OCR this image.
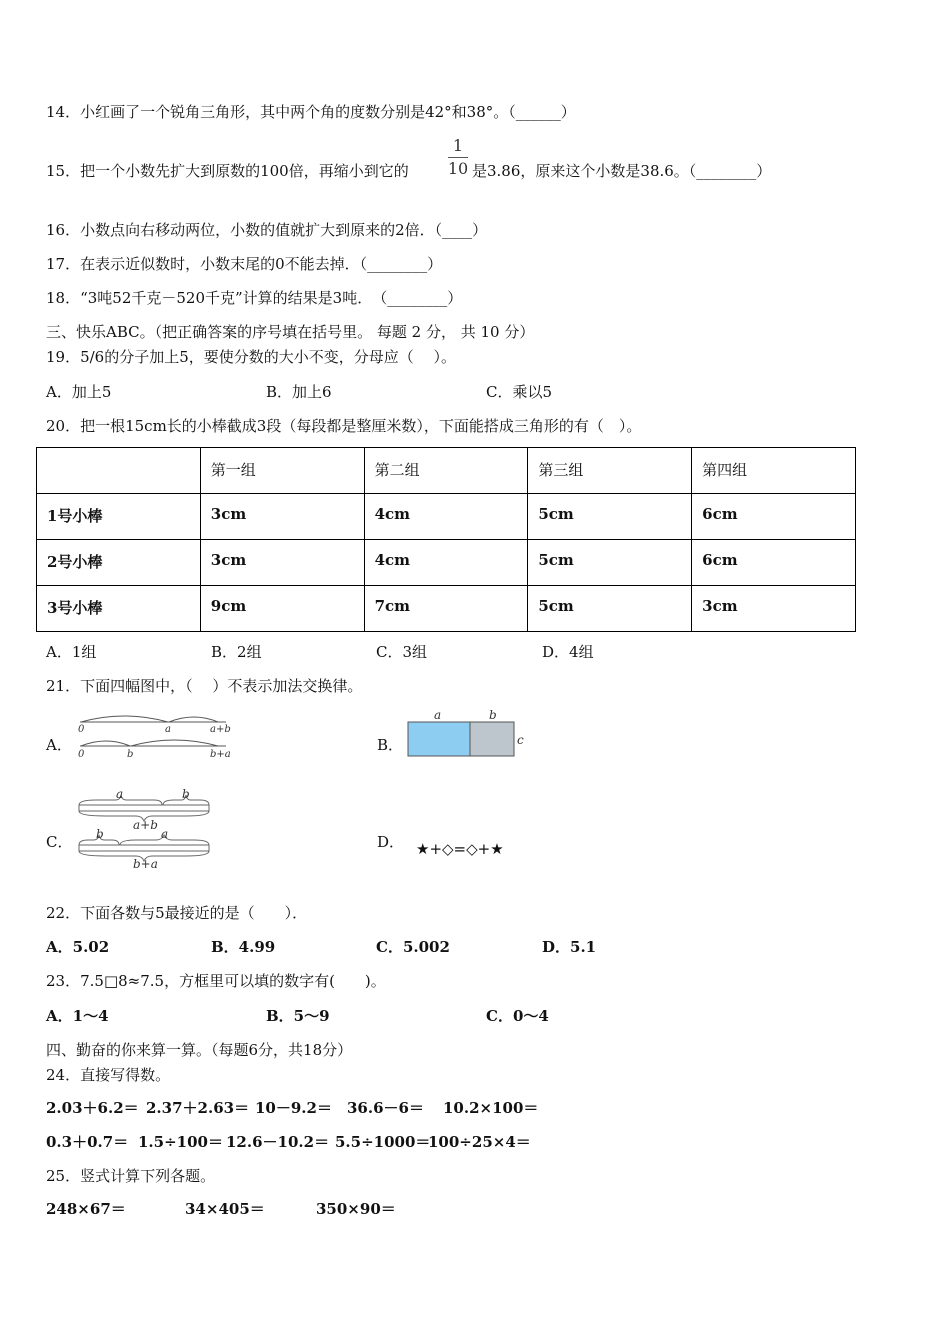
14．小红画了一个锐角三角形，其中两个角的度数分别是42°和38°。（______）
15．把一个小数先扩大到原数的100倍，再缩小到它的
1
10 是3.86，原来这个小数是38.6。（________）
16．小数点向右移动两位，小数的值就扩大到原来的2倍．（____）
17．在表示近似数时，小数末尾的0不能去掉．（________）
18．“3吨52千克－520千克”计算的结果是3吨．　（________）
三、快乐ABC。（把正确答案的序号填在括号里。 每题 2 分， 共 10 分）
19．5/6的分子加上5，要使分数的大小不变，分母应（　 ）。
A．加上5	B．加上6	C．乘以5
20．把一根15cm长的小棒截成3段（每段都是整厘米数），下面能搭成三角形的有（　）。
	第一组	第二组	第三组	第四组
1号小棒	3cm	4cm	5cm	6cm
2号小棒	3cm	4cm	5cm	6cm
3号小棒	9cm	7cm	5cm	3cm
A．1组	B．2组	C．3组	D．4组
21．下面四幅图中，（　 ）不表示加法交换律。
A．
0	a	a+b
0	b	b+a
B．
a	b
c
C．
a	b
a+b
b	a
b+a
D． ★+◇=◇+★
22．下面各数与5最接近的是（　　）．
A．5.02	B．4.99	C．5.002	D．5.1
23．7.5□8≈7.5，方框里可以填的数字有(　　)。
A．1～4	B．5～9	C．0～4
四、勤奋的你来算一算。（每题6分，共18分）
24．直接写得数。
2.03＋6.2＝ 2.37＋2.63＝ 10－9.2＝ 36.6－6＝ 10.2×100＝
0.3＋0.7＝ 1.5÷100＝ 12.6－10.2＝ 5.5÷1000＝
100÷25×4＝
25．竖式计算下列各题。
248×67＝	34×405＝	350×90＝
